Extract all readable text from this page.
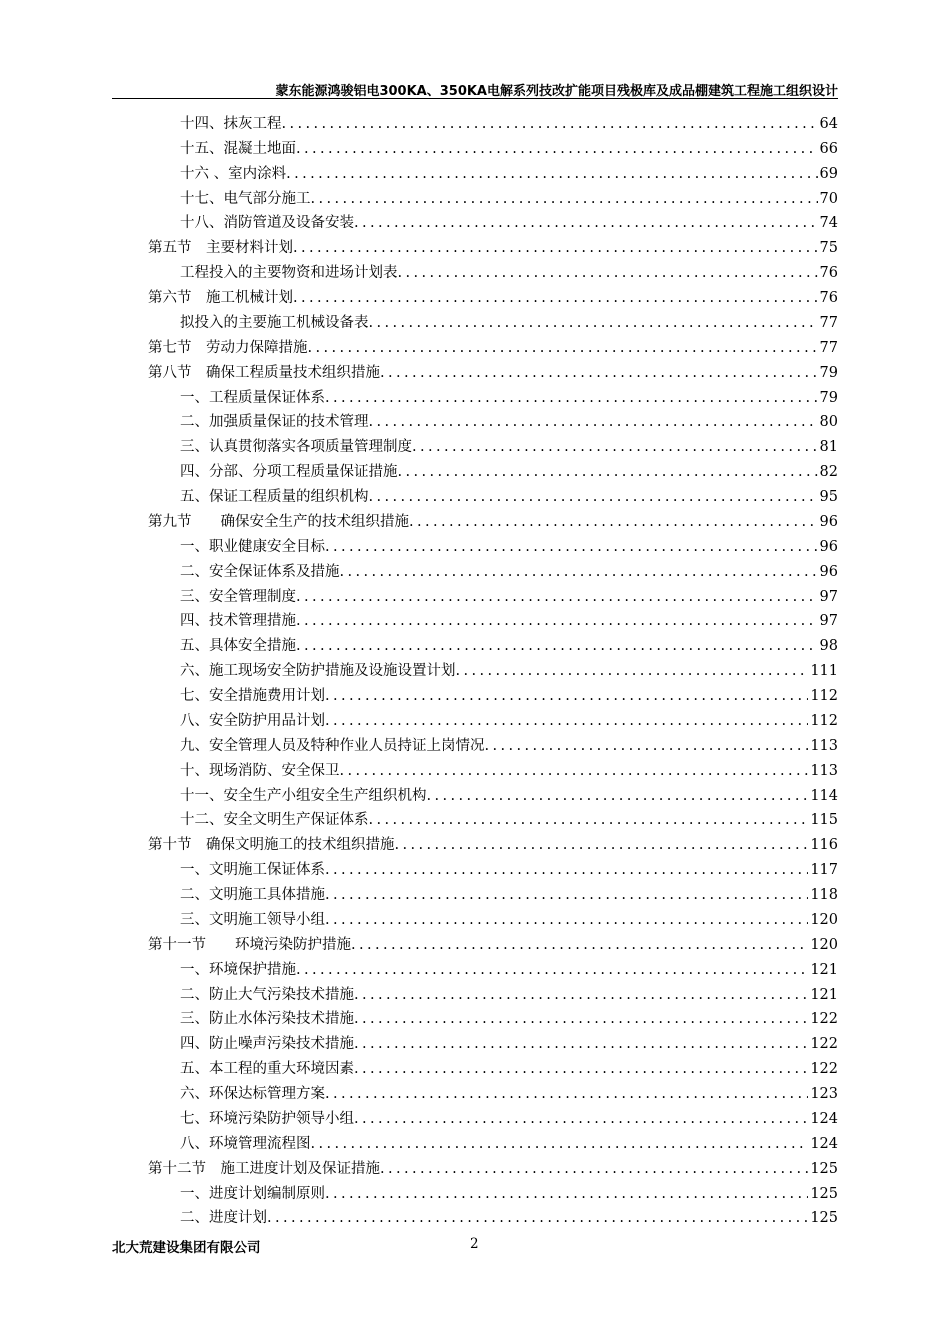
蒙东能源鸿骏铝电300KA、350KA电解系列技改扩能项目残极库及成品棚建筑工程施工组织设计
十四、抹灰工程 .....	64
十五、混凝土地面 .....	66
十六 、室内涂料 .....	69
十七、电气部分施工 .....	70
十八、消防管道及设备安装 .....	74
第五节　主要材料计划 .....	75
工程投入的主要物资和进场计划表 .....	76
第六节　施工机械计划 .....	76
拟投入的主要施工机械设备表 .....	77
第七节　劳动力保障措施 .....	77
第八节　确保工程质量技术组织措施 .....	79
一、工程质量保证体系 .....	79
二、加强质量保证的技术管理 .....	80
三、认真贯彻落实各项质量管理制度 .....	81
四、分部、分项工程质量保证措施 .....	82
五、保证工程质量的组织机构 .....	95
第九节　　确保安全生产的技术组织措施 .....	96
一、职业健康安全目标 .....	96
二、安全保证体系及措施 .....	96
三、安全管理制度 .....	97
四、技术管理措施 .....	97
五、具体安全措施 .....	98
六、施工现场安全防护措施及设施设置计划 .....	111
七、安全措施费用计划 .....	112
八、安全防护用品计划 .....	112
九、安全管理人员及特种作业人员持证上岗情况 .....	113
十、现场消防、安全保卫 .....	113
十一、安全生产小组安全生产组织机构 .....	114
十二、安全文明生产保证体系 .....	115
第十节　确保文明施工的技术组织措施 .....	116
一、文明施工保证体系 .....	117
二、文明施工具体措施 .....	118
三、文明施工领导小组 .....	120
第十一节　　环境污染防护措施 .....	120
一、环境保护措施 .....	121
二、防止大气污染技术措施 .....	121
三、防止水体污染技术措施 .....	122
四、防止噪声污染技术措施 .....	122
五、本工程的重大环境因素 .....	122
六、环保达标管理方案 .....	123
七、环境污染防护领导小组 .....	124
八、环境管理流程图 .....	124
第十二节　施工进度计划及保证措施 .....	125
一、进度计划编制原则 .....	125
二、进度计划 .....	125
北大荒建设集团有限公司	2
